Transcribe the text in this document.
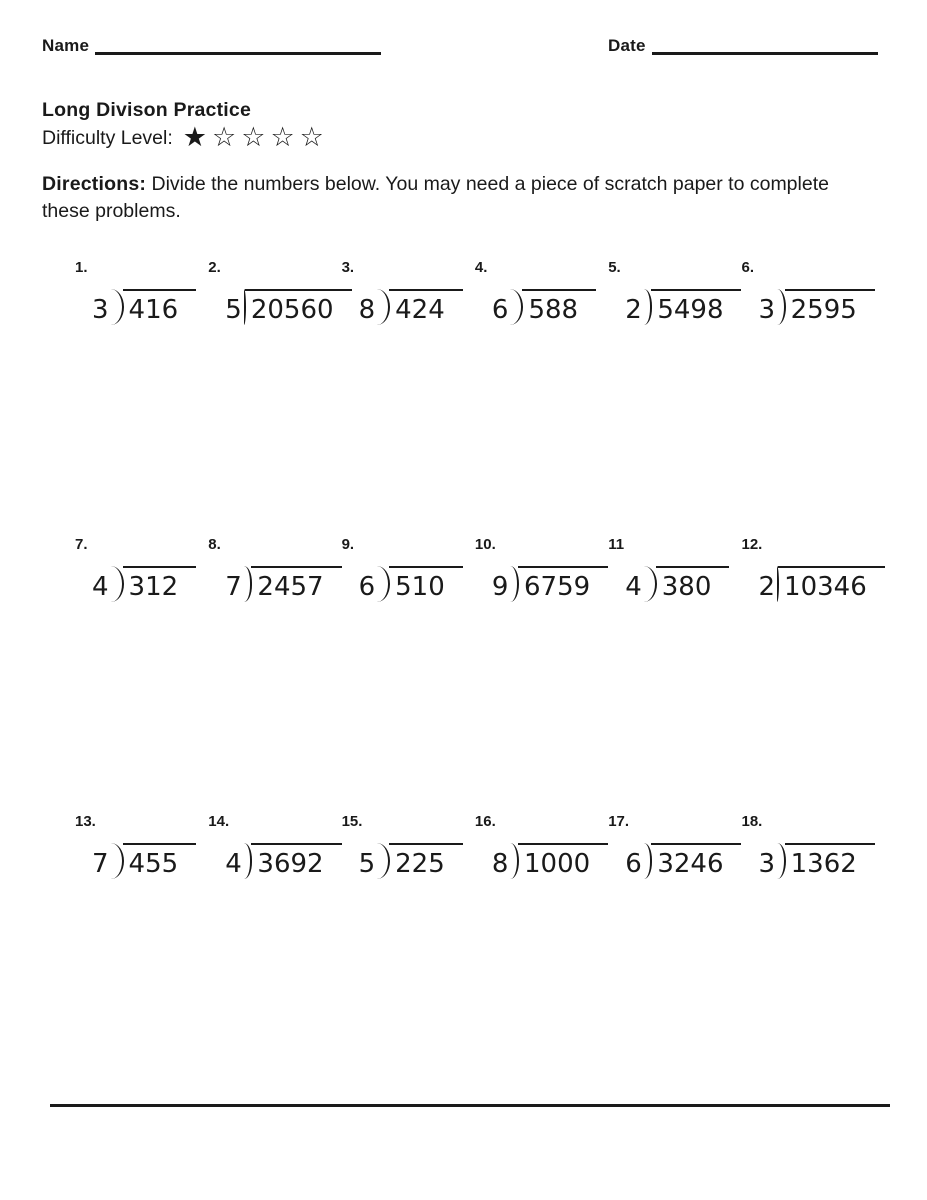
Name	Date
Long Divison Practice
Difficulty Level: ★☆☆☆☆

Directions: Divide the numbers below. You may need a piece of scratch paper to complete these problems.

1.
3 416
2.
5 20560
3.
8 424
4.
6 588
5.
2 5498
6.
3 2595
7.
4 312
8.
7 2457
9.
6 510
10.
9 6759
11
4 380
12.
2 10346
13.
7 455
14.
4 3692
15.
5 225
16.
8 1000
17.
6 3246
18.
3 1362
